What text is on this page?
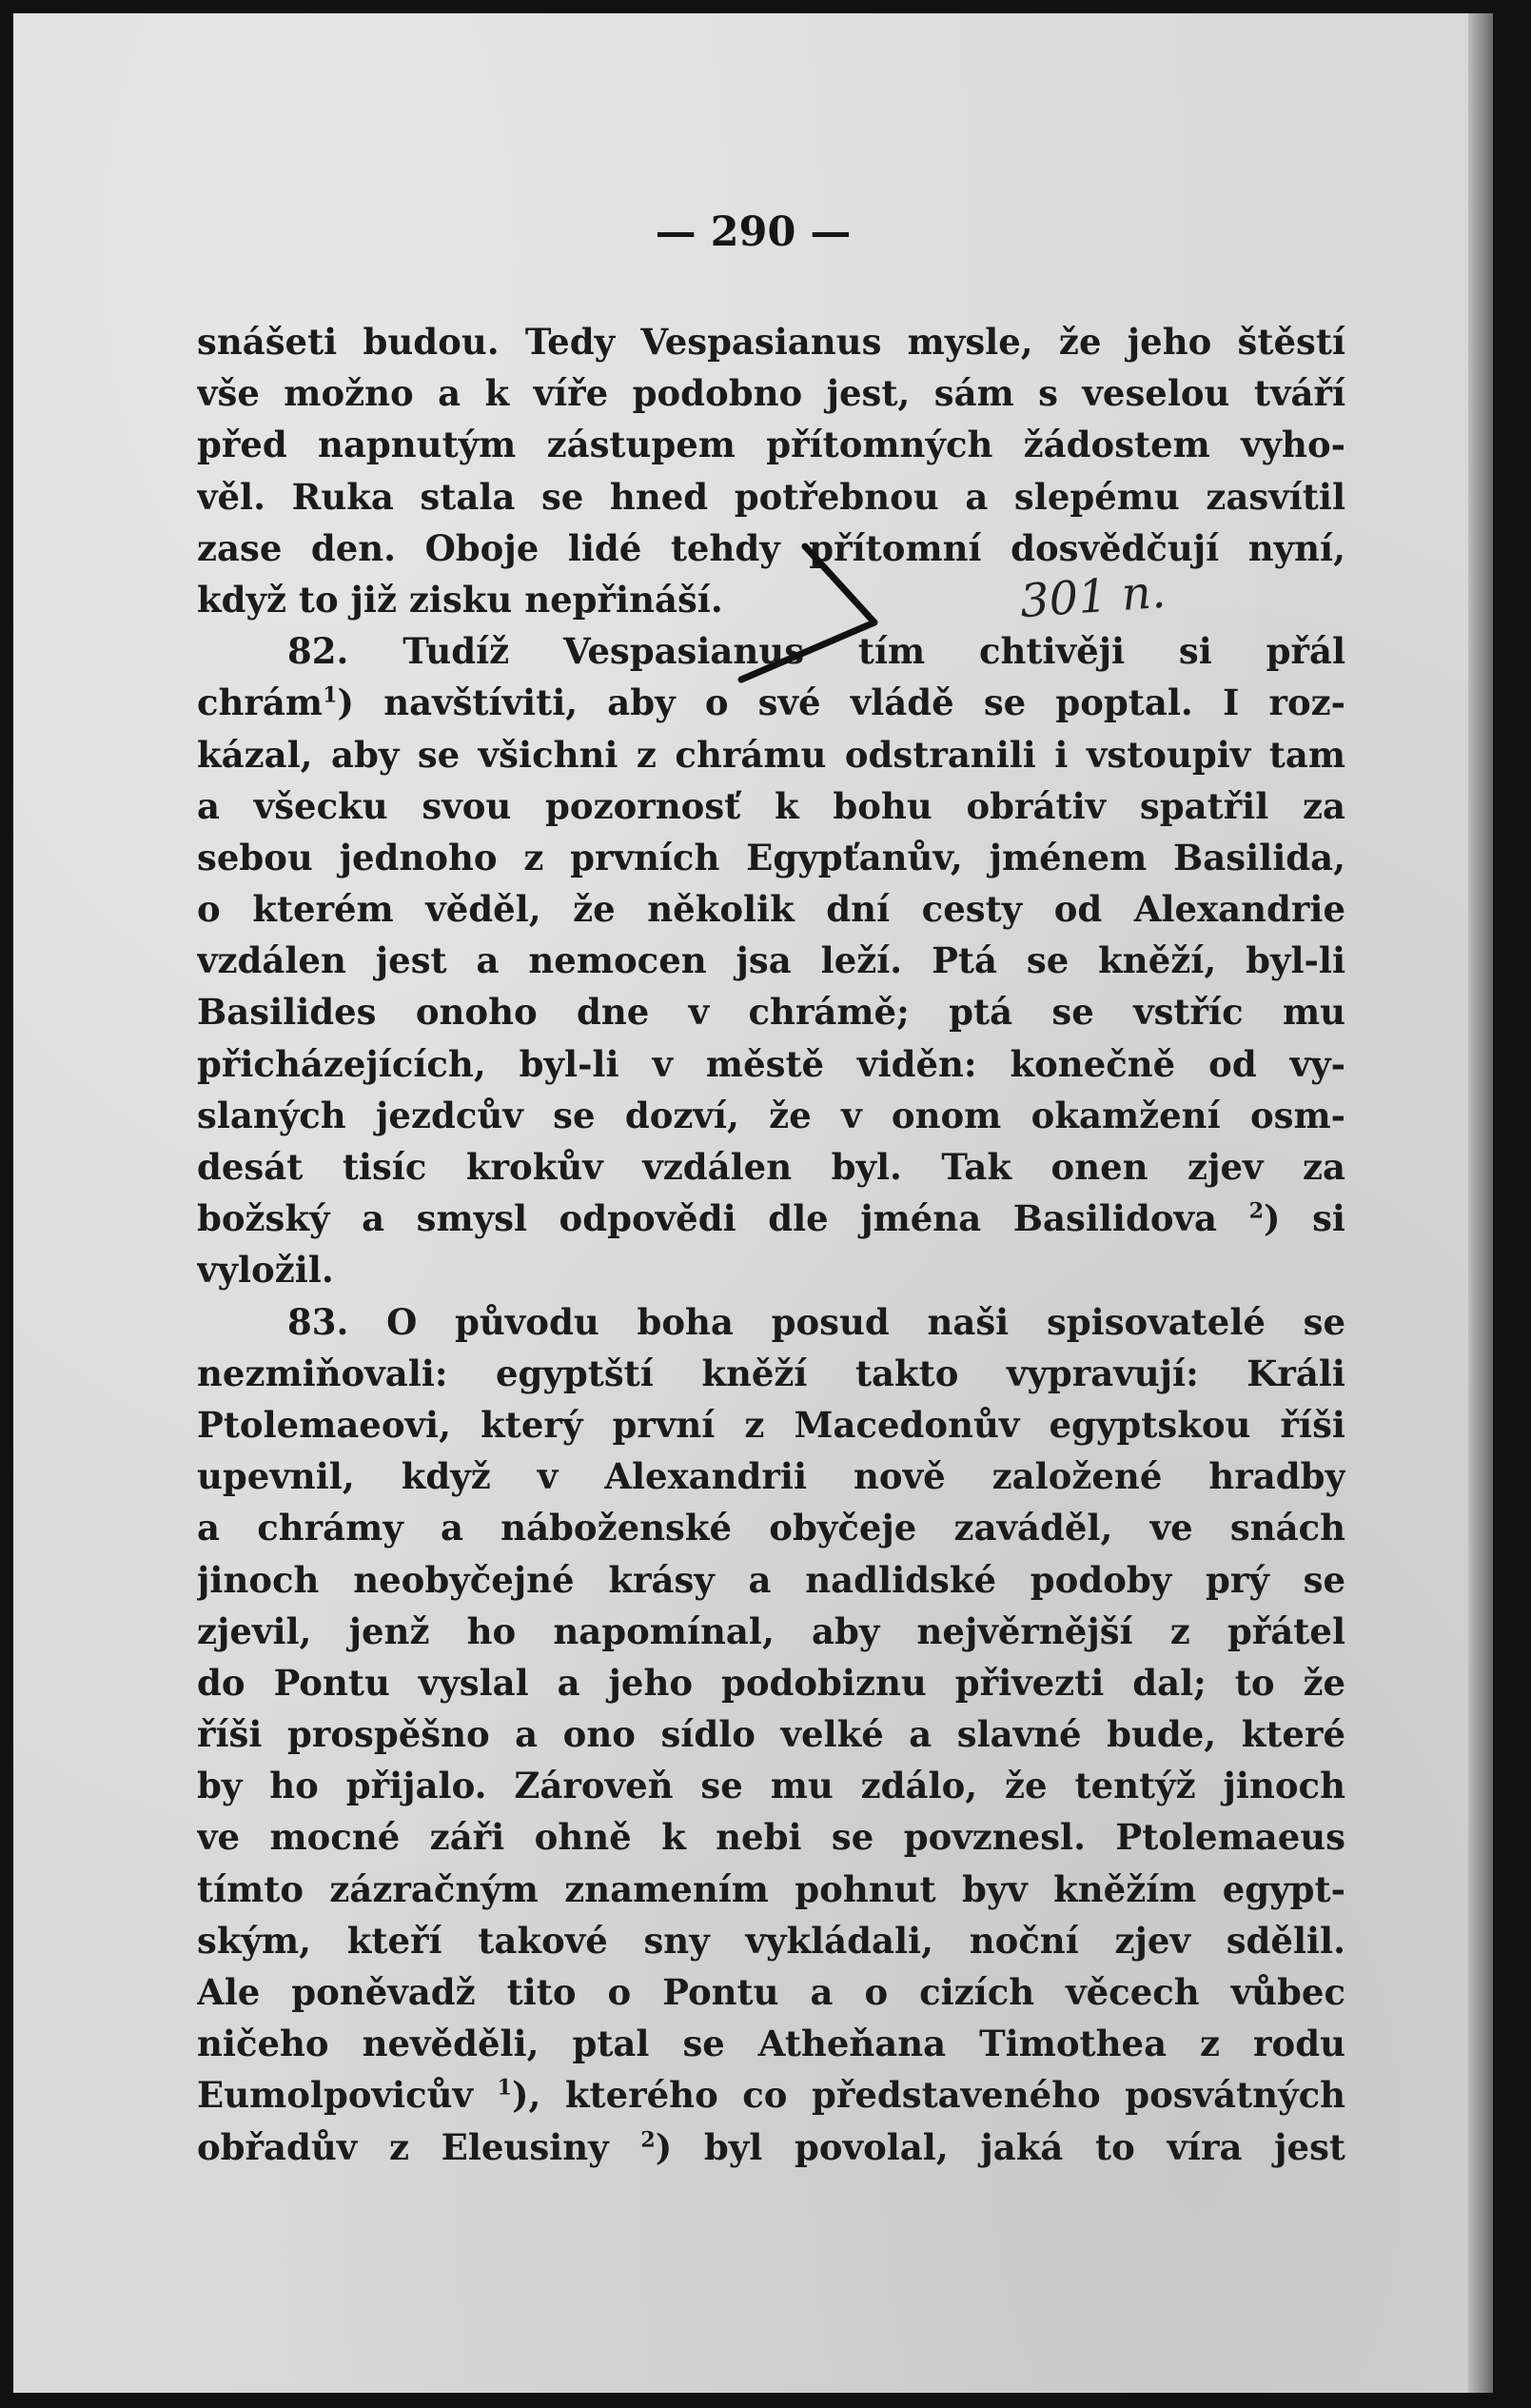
— 290 —
snášeti budou. Tedy Vespasianus mysle, že jeho štěstí
vše možno a k víře podobno jest, sám s veselou tváří
před napnutým zástupem přítomných žádostem vyho-
věl. Ruka stala se hned potřebnou a slepému zasvítil
zase den. Oboje lidé tehdy přítomní dosvědčují nyní,
když to již zisku nepřináší.
82. Tudíž Vespasianus tím chtivěji si přál
chrám$^1$) navštíviti, aby o své vládě se poptal. I roz-
kázal, aby se všichni z chrámu odstranili i vstoupiv tam
a všecku svou pozornosť k bohu obrátiv spatřil za
sebou jednoho z prvních Egypťanův, jménem Basilida,
o kterém věděl, že několik dní cesty od Alexandrie
vzdálen jest a nemocen jsa leží. Ptá se kněží, byl-li
Basilides onoho dne v chrámě; ptá se vstříc mu
přicházejících, byl-li v městě viděn: konečně od vy-
slaných jezdcův se dozví, že v onom okamžení osm-
desát tisíc krokův vzdálen byl. Tak onen zjev za
božský a smysl odpovědi dle jména Basilidova $^2$) si
vyložil.
83. O původu boha posud naši spisovatelé se
nezmiňovali: egyptští kněží takto vypravují: Králi
Ptolemaeovi, který první z Macedonův egyptskou říši
upevnil, když v Alexandrii nově založené hradby
a chrámy a náboženské obyčeje zaváděl, ve snách
jinoch neobyčejné krásy a nadlidské podoby prý se
zjevil, jenž ho napomínal, aby nejvěrnější z přátel
do Pontu vyslal a jeho podobiznu přivezti dal; to že
říši prospěšno a ono sídlo velké a slavné bude, které
by ho přijalo. Zároveň se mu zdálo, že tentýž jinoch
ve mocné záři ohně k nebi se povznesl. Ptolemaeus
tímto zázračným znamením pohnut byv kněžím egypt-
ským, kteří takové sny vykládali, noční zjev sdělil.
Ale poněvadž tito o Pontu a o cizích věcech vůbec
ničeho nevěděli, ptal se Atheňana Timothea z rodu
Eumolpovicův $^1$), kterého co představeného posvátných
obřadův z Eleusiny $^2$) byl povolal, jaká to víra jest
301 n.
